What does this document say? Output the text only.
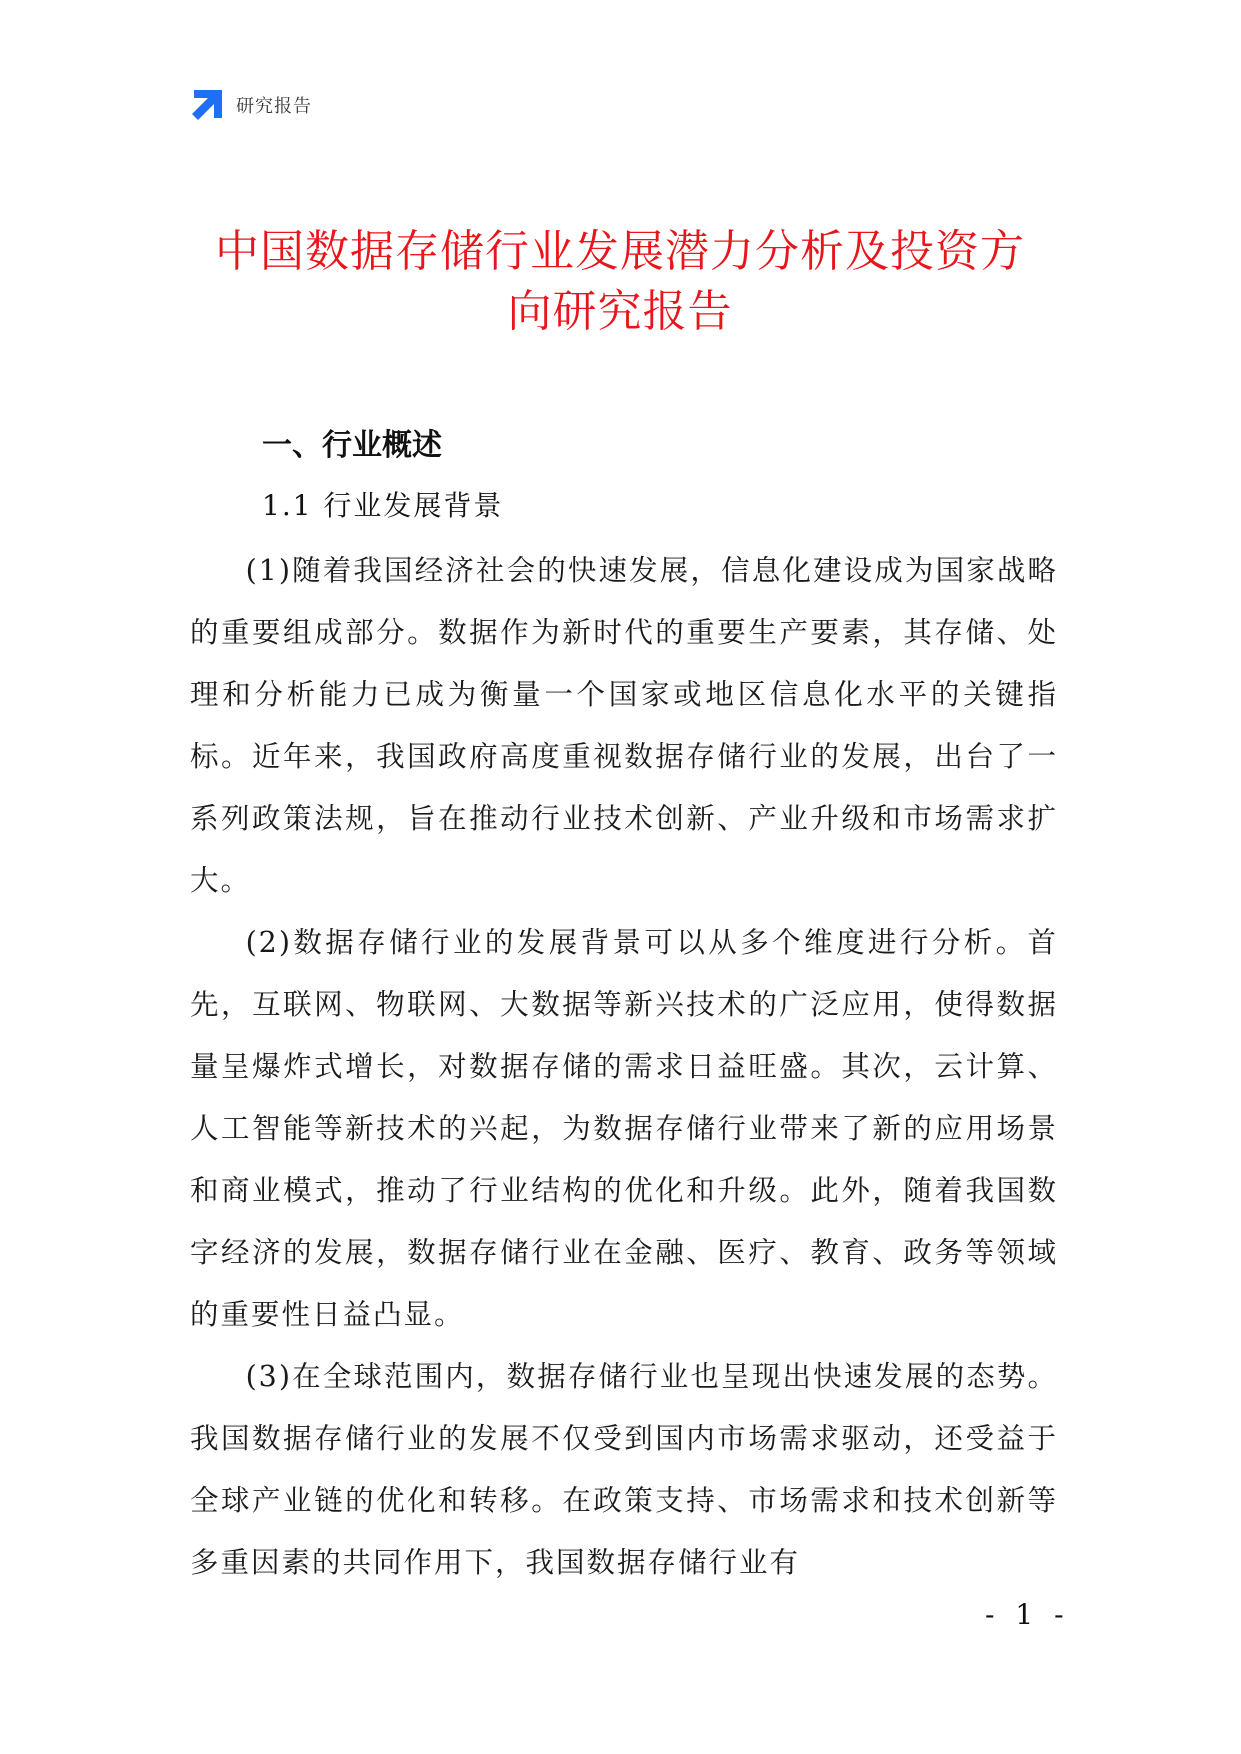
研究报告
中国数据存储行业发展潜力分析及投资方
向研究报告
一、行业概述
1.1 行业发展背景

(1)随着我国经济社会的快速发展，信息化建设成为国家战略的重要组成部分。数据作为新时代的重要生产要素，其存储、处理和分析能力已成为衡量一个国家或地区信息化水平的关键指标。近年来，我国政府高度重视数据存储行业的发展，出台了一系列政策法规，旨在推动行业技术创新、产业升级和市场需求扩大。

(2)数据存储行业的发展背景可以从多个维度进行分析。首先，互联网、物联网、大数据等新兴技术的广泛应用，使得数据量呈爆炸式增长，对数据存储的需求日益旺盛。其次，云计算、人工智能等新技术的兴起，为数据存储行业带来了新的应用场景和商业模式，推动了行业结构的优化和升级。此外，随着我国数字经济的发展，数据存储行业在金融、医疗、教育、政务等领域的重要性日益凸显。

(3)在全球范围内，数据存储行业也呈现出快速发展的态势。我国数据存储行业的发展不仅受到国内市场需求驱动，还受益于全球产业链的优化和转移。在政策支持、市场需求和技术创新等多重因素的共同作用下，我国数据存储行业有

- 1 -
